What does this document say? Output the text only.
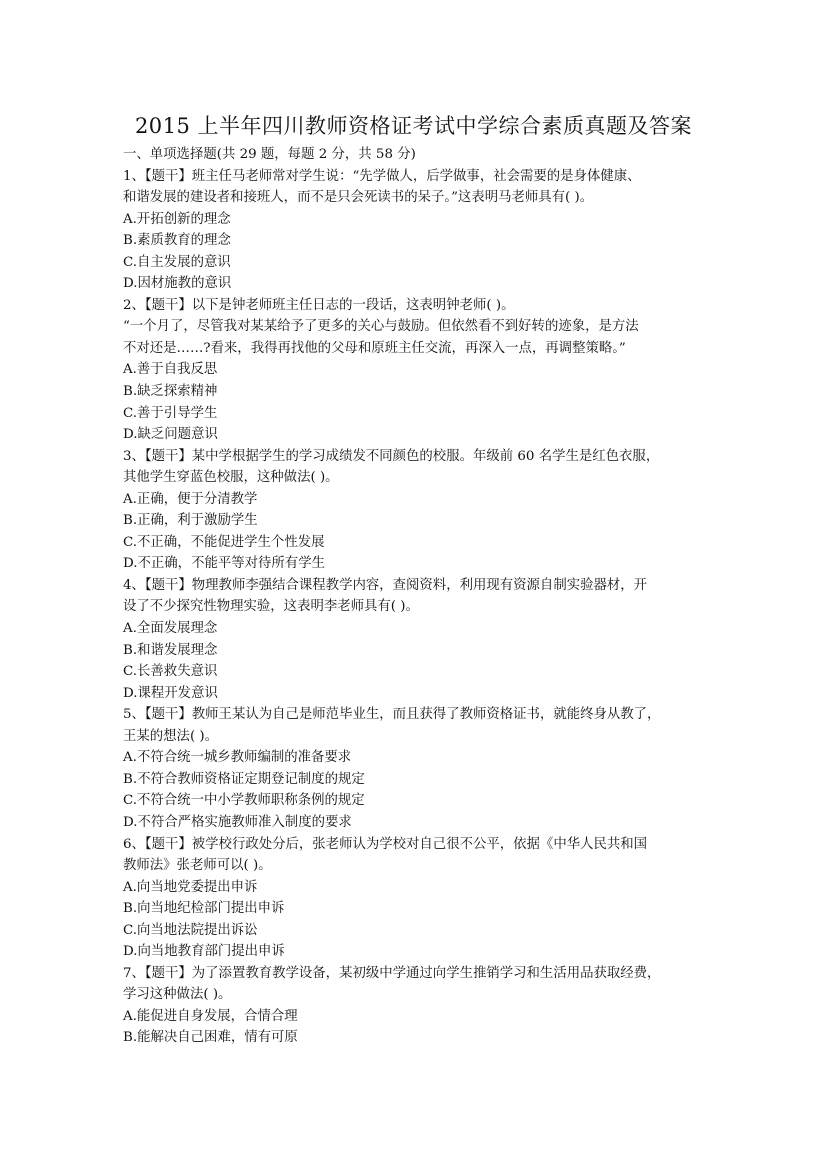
2015 上半年四川教师资格证考试中学综合素质真题及答案
一、单项选择题(共 29 题，每题 2 分，共 58 分)
1、【题干】班主任马老师常对学生说：“先学做人，后学做事，社会需要的是身体健康、
和谐发展的建设者和接班人，而不是只会死读书的呆子。”这表明马老师具有( )。
A.开拓创新的理念
B.素质教育的理念
C.自主发展的意识
D.因材施教的意识
2、【题干】以下是钟老师班主任日志的一段话，这表明钟老师( )。
“一个月了，尽管我对某某给予了更多的关心与鼓励。但依然看不到好转的迹象，是方法
不对还是……?看来，我得再找他的父母和原班主任交流，再深入一点，再调整策略。”
A.善于自我反思
B.缺乏探索精神
C.善于引导学生
D.缺乏问题意识
3、【题干】某中学根据学生的学习成绩发不同颜色的校服。年级前 60 名学生是红色衣服，
其他学生穿蓝色校服，这种做法( )。
A.正确，便于分清教学
B.正确，利于激励学生
C.不正确，不能促进学生个性发展
D.不正确，不能平等对待所有学生
4、【题干】物理教师李强结合课程教学内容，查阅资料，利用现有资源自制实验器材，开
设了不少探究性物理实验，这表明李老师具有( )。
A.全面发展理念
B.和谐发展理念
C.长善救失意识
D.课程开发意识
5、【题干】教师王某认为自己是师范毕业生，而且获得了教师资格证书，就能终身从教了，
王某的想法( )。
A.不符合统一城乡教师编制的准备要求
B.不符合教师资格证定期登记制度的规定
C.不符合统一中小学教师职称条例的规定
D.不符合严格实施教师准入制度的要求
6、【题干】被学校行政处分后，张老师认为学校对自己很不公平，依据《中华人民共和国
教师法》张老师可以( )。
A.向当地党委提出申诉
B.向当地纪检部门提出申诉
C.向当地法院提出诉讼
D.向当地教育部门提出申诉
7、【题干】为了添置教育教学设备，某初级中学通过向学生推销学习和生活用品获取经费，
学习这种做法( )。
A.能促进自身发展，合情合理
B.能解决自己困难，情有可原
